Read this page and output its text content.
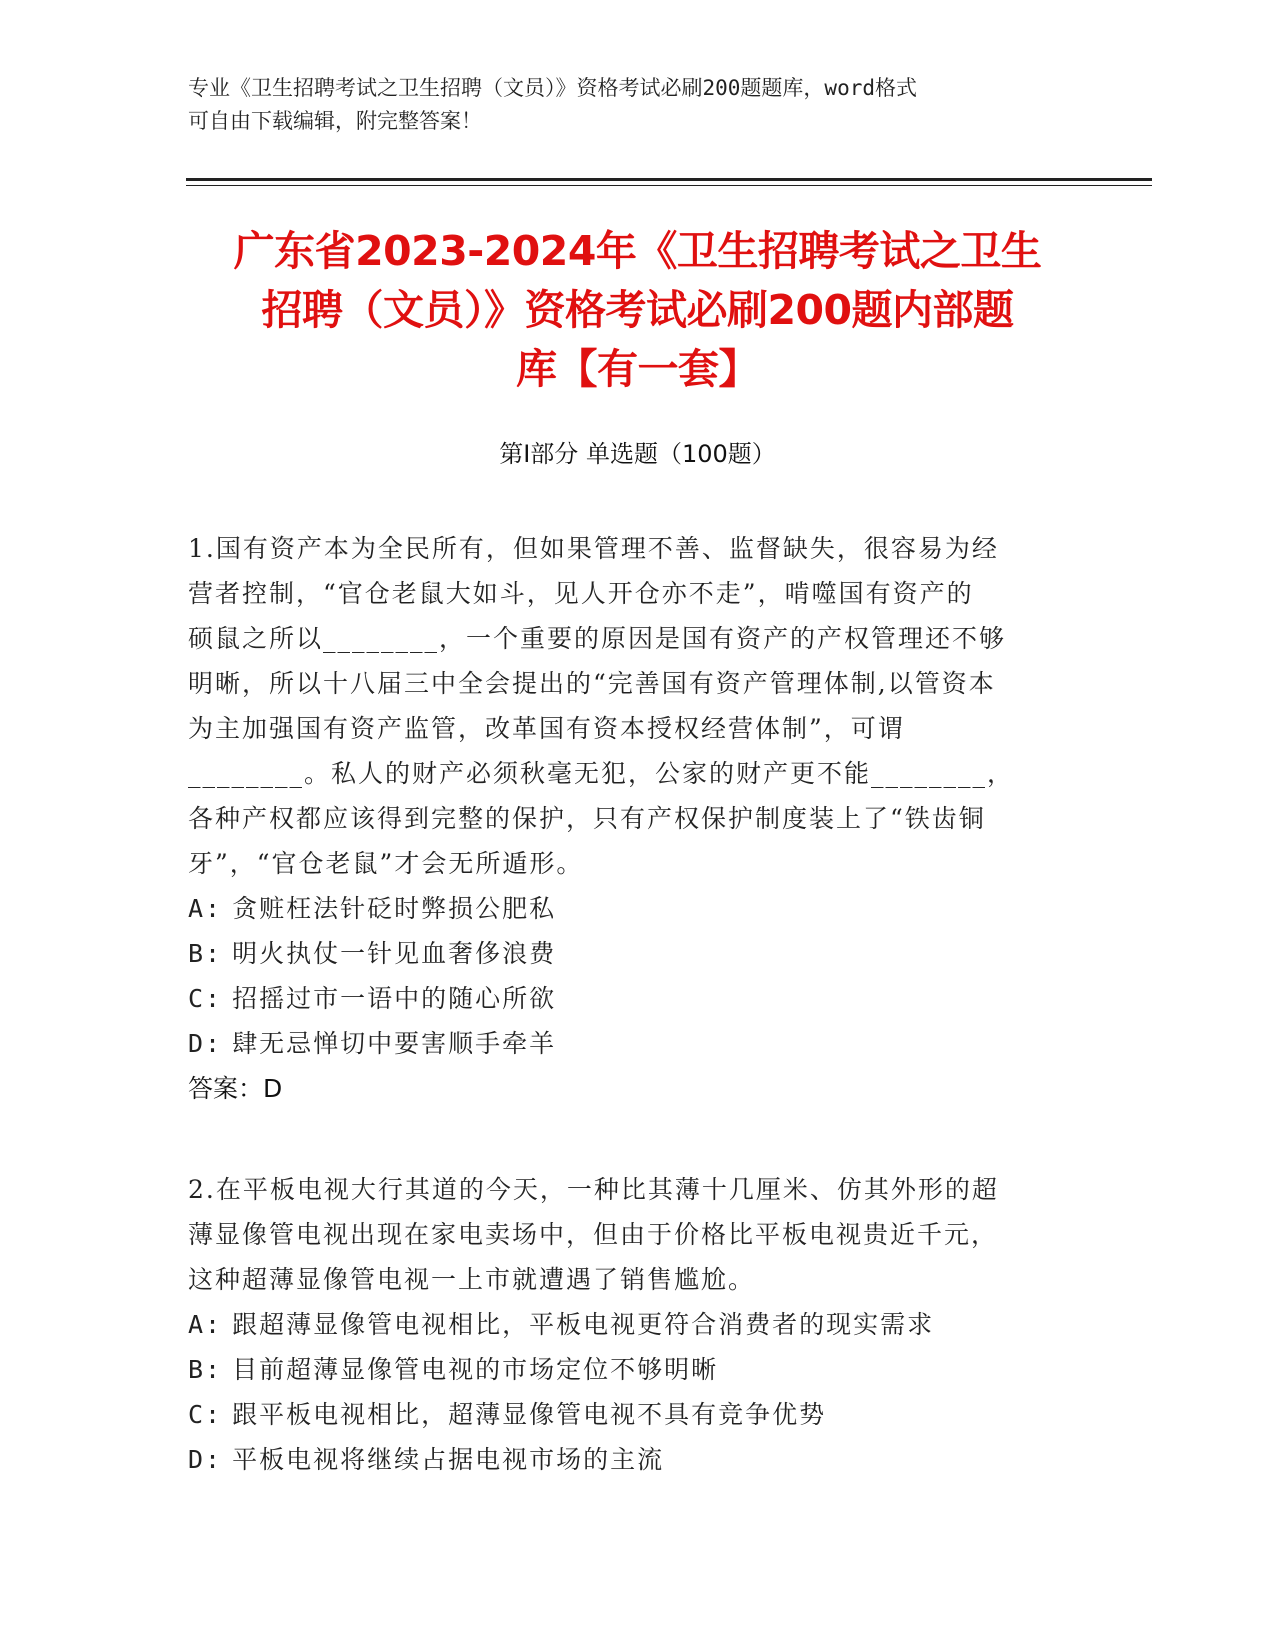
专业《卫生招聘考试之卫生招聘（文员）》资格考试必刷200题题库，word格式
可自由下载编辑，附完整答案！
广东省2023-2024年《卫生招聘考试之卫生
招聘（文员）》资格考试必刷200题内部题
库【有一套】
第I部分 单选题（100题）

1.国有资产本为全民所有，但如果管理不善、监督缺失，很容易为经
营者控制，“官仓老鼠大如斗，见人开仓亦不走”，啃噬国有资产的
硕鼠之所以________，一个重要的原因是国有资产的产权管理还不够
明晰，所以十八届三中全会提出的“完善国有资产管理体制,以管资本
为主加强国有资产监管，改革国有资本授权经营体制”，可谓
________。私人的财产必须秋毫无犯，公家的财产更不能________，
各种产权都应该得到完整的保护，只有产权保护制度装上了“铁齿铜
牙”，“官仓老鼠”才会无所遁形。

A: 贪赃枉法针砭时弊损公肥私

B: 明火执仗一针见血奢侈浪费

C: 招摇过市一语中的随心所欲

D: 肆无忌惮切中要害顺手牵羊

答案：D

2.在平板电视大行其道的今天，一种比其薄十几厘米、仿其外形的超
薄显像管电视出现在家电卖场中，但由于价格比平板电视贵近千元，
这种超薄显像管电视一上市就遭遇了销售尴尬。

A: 跟超薄显像管电视相比，平板电视更符合消费者的现实需求

B: 目前超薄显像管电视的市场定位不够明晰

C: 跟平板电视相比，超薄显像管电视不具有竞争优势

D: 平板电视将继续占据电视市场的主流
